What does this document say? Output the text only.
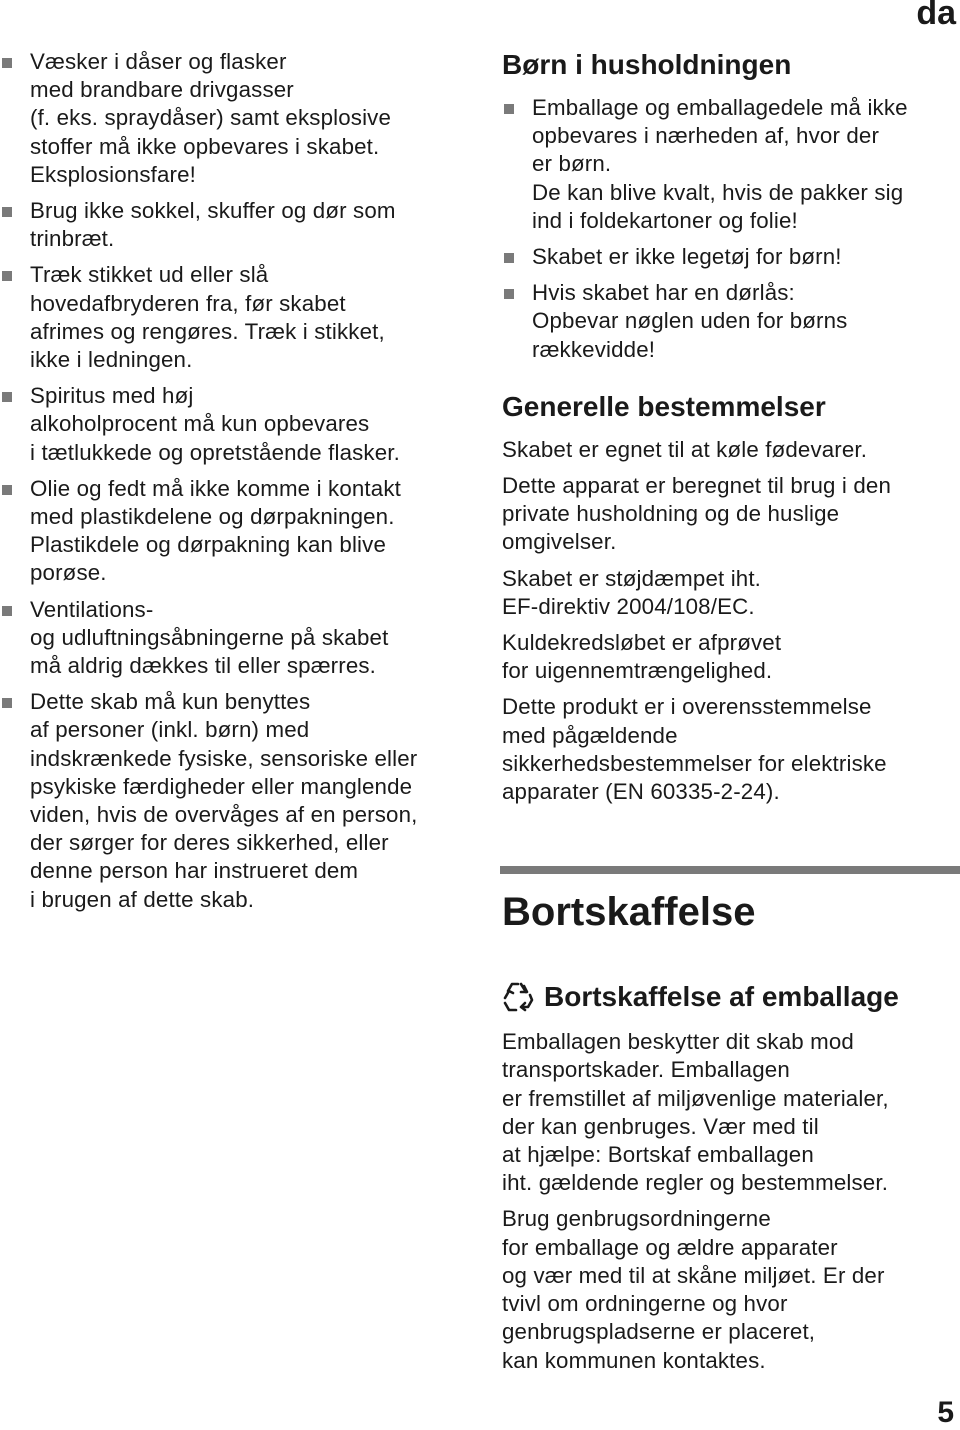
da
Væsker i dåser og flasker
med brandbare drivgasser
(f. eks. spraydåser) samt eksplosive
stoffer må ikke opbevares i skabet.
Eksplosionsfare!
Brug ikke sokkel, skuffer og dør som
trinbræt.
Træk stikket ud eller slå
hovedafbryderen fra, før skabet
afrimes og rengøres. Træk i stikket,
ikke i ledningen.
Spiritus med høj
alkoholprocent må kun opbevares
i tætlukkede og opretstående flasker.
Olie og fedt må ikke komme i kontakt
med plastikdelene og dørpakningen.
Plastikdele og dørpakning kan blive
porøse.
Ventilations-
og udluftningsåbningerne på skabet
må aldrig dækkes til eller spærres.
Dette skab må kun benyttes
af personer (inkl. børn) med
indskrænkede fysiske, sensoriske eller
psykiske færdigheder eller manglende
viden, hvis de overvåges af en person,
der sørger for deres sikkerhed, eller
denne person har instrueret dem
i brugen af dette skab.
Børn i husholdningen
Emballage og emballagedele må ikke
opbevares i nærheden af, hvor der
er børn.
De kan blive kvalt, hvis de pakker sig
ind i foldekartoner og folie!
Skabet er ikke legetøj for børn!
Hvis skabet har en dørlås:
Opbevar nøglen uden for børns
rækkevidde!
Generelle bestemmelser
Skabet er egnet til at køle fødevarer.
Dette apparat er beregnet til brug i den
private husholdning og de huslige
omgivelser.
Skabet er støjdæmpet iht.
EF-direktiv 2004/108/EC.
Kuldekredsløbet er afprøvet
for uigennemtrængelighed.
Dette produkt er i overensstemmelse
med pågældende
sikkerhedsbestemmelser for elektriske
apparater (EN 60335-2-24).
Bortskaffelse
Bortskaffelse af emballage
Emballagen beskytter dit skab mod
transportskader. Emballagen
er fremstillet af miljøvenlige materialer,
der kan genbruges. Vær med til
at hjælpe: Bortskaf emballagen
iht. gældende regler og bestemmelser.
Brug genbrugsordningerne
for emballage og ældre apparater
og vær med til at skåne miljøet. Er der
tvivl om ordningerne og hvor
genbrugspladserne er placeret,
kan kommunen kontaktes.
5
